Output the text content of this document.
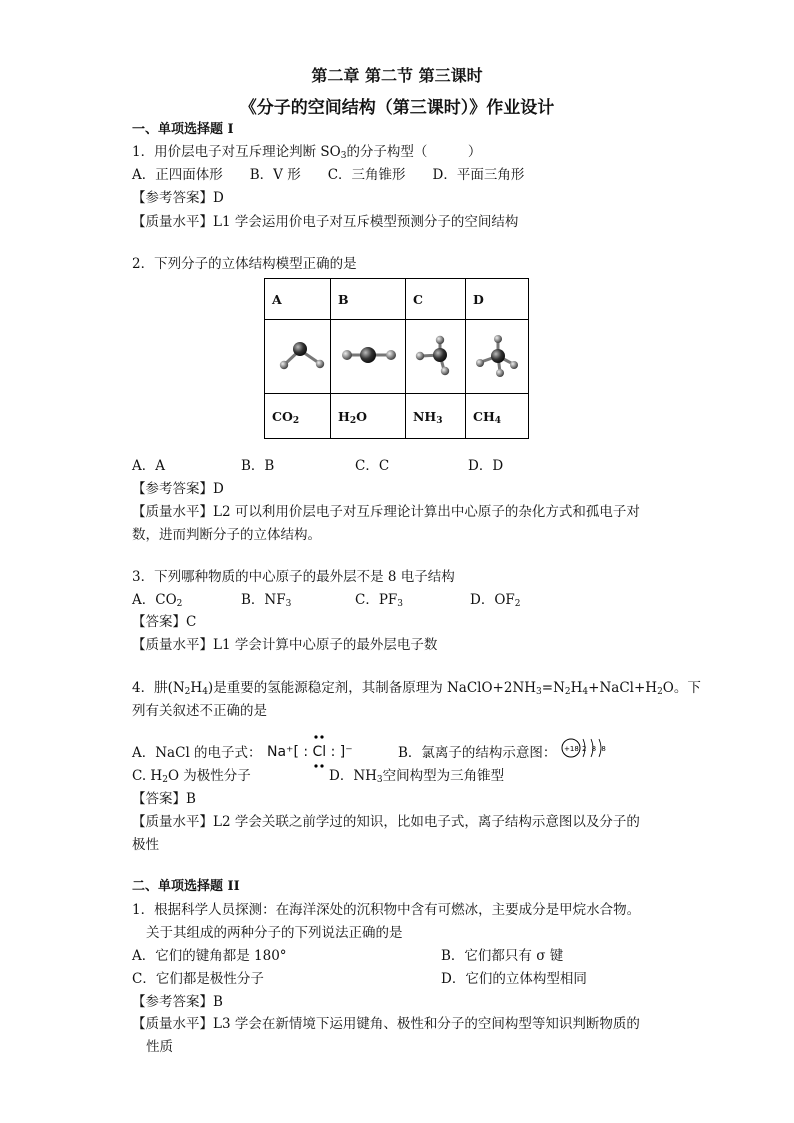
第二章 第二节 第三课时
《分子的空间结构（第三课时）》作业设计
一、单项选择题 I
1．用价层电子对互斥理论判断 $SO_3$的分子构型（　　　）
A．正四面体形　　B．V 形　　C．三角锥形　　D．平面三角形
【参考答案】D
【质量水平】L1 学会运用价电子对互斥模型预测分子的空间结构
2．下列分子的立体结构模型正确的是
A	B	C	D

$CO_2$	$H_2O$	$NH_3$	$CH_4$
A．A	B．B	C．C	D．D
【参考答案】D
【质量水平】L2 可以利用价层电子对互斥理论计算出中心原子的杂化方式和孤电子对
数，进而判断分子的立体结构。
3．下列哪种物质的中心原子的最外层不是 8 电子结构
A．$CO_2$	B．$NF_3$	C．$PF_3$	D．$OF_2$
【答案】C
【质量水平】L1 学会计算中心原子的最外层电子数
4．肼$(N_2H_4)$是重要的氢能源稳定剂，其制备原理为 $NaClO+2NH_3=N_2H_4+NaCl+H_2O$。下
列有关叙述不正确的是
A．NaCl 的电子式： Na⁺[ : Cl : ]⁻	B．氯离子的结构示意图： +18 2 8 8
C. $H_2O$ 为极性分子	D．$NH_3$空间构型为三角锥型
【答案】B
【质量水平】L2 学会关联之前学过的知识，比如电子式，离子结构示意图以及分子的
极性
二、单项选择题 II
1．根据科学人员探测：在海洋深处的沉积物中含有可燃冰，主要成分是甲烷水合物。
关于其组成的两种分子的下列说法正确的是
A．它们的键角都是 180°	B．它们都只有 σ 键
C．它们都是极性分子	D．它们的立体构型相同
【参考答案】B
【质量水平】L3 学会在新情境下运用键角、极性和分子的空间构型等知识判断物质的
性质
